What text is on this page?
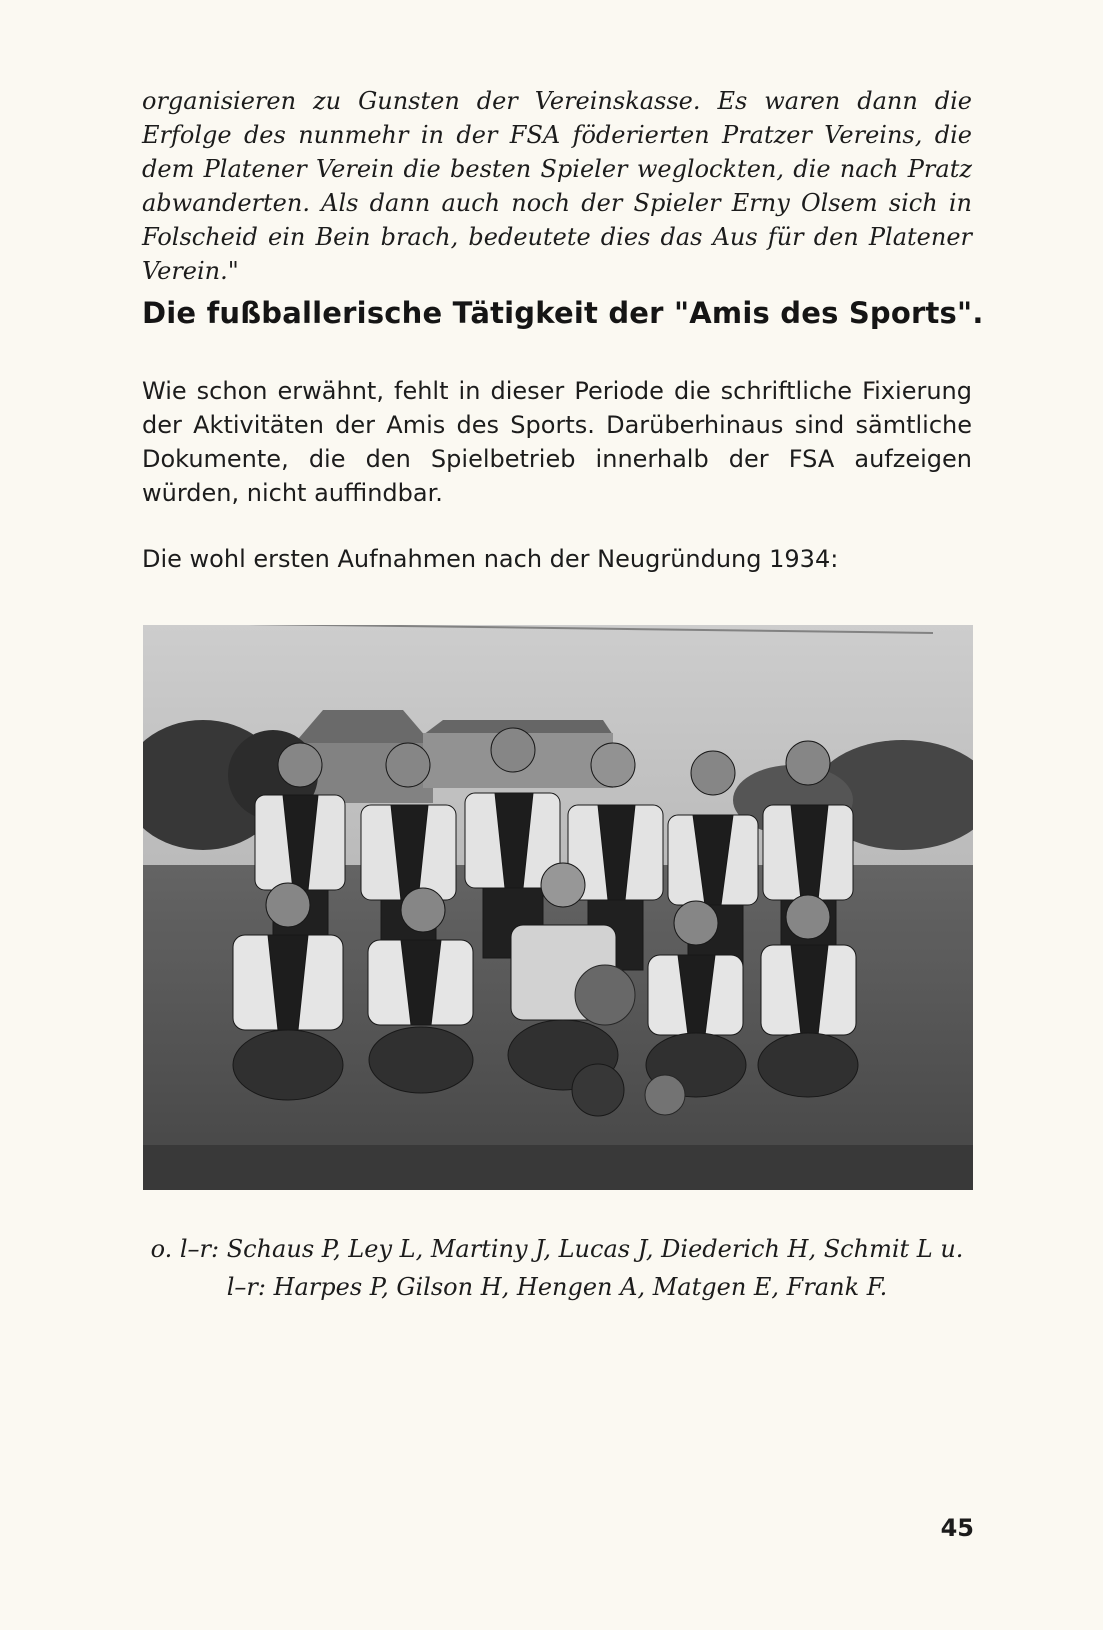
organisieren zu Gunsten der Vereinskasse. Es waren dann die Erfolge des nunmehr in der FSA föderierten Pratzer Vereins, die dem Platener Verein die besten Spieler weglockten, die nach Pratz abwanderten. Als dann auch noch der Spieler Erny Olsem sich in Folscheid ein Bein brach, bedeutete dies das Aus für den Platener Verein."

Die fußballerische Tätigkeit der "Amis des Sports".

Wie schon erwähnt, fehlt in dieser Periode die schriftliche Fixierung der Aktivitäten der Amis des Sports. Darüberhinaus sind sämtliche Dokumente, die den Spielbetrieb innerhalb der FSA aufzeigen würden, nicht auffindbar.

Die wohl ersten Aufnahmen nach der Neugründung 1934:

o. l–r: Schaus P, Ley L, Martiny J, Lucas J, Diederich H, Schmit L u.
l–r: Harpes P, Gilson H, Hengen A, Matgen E, Frank F.
45
